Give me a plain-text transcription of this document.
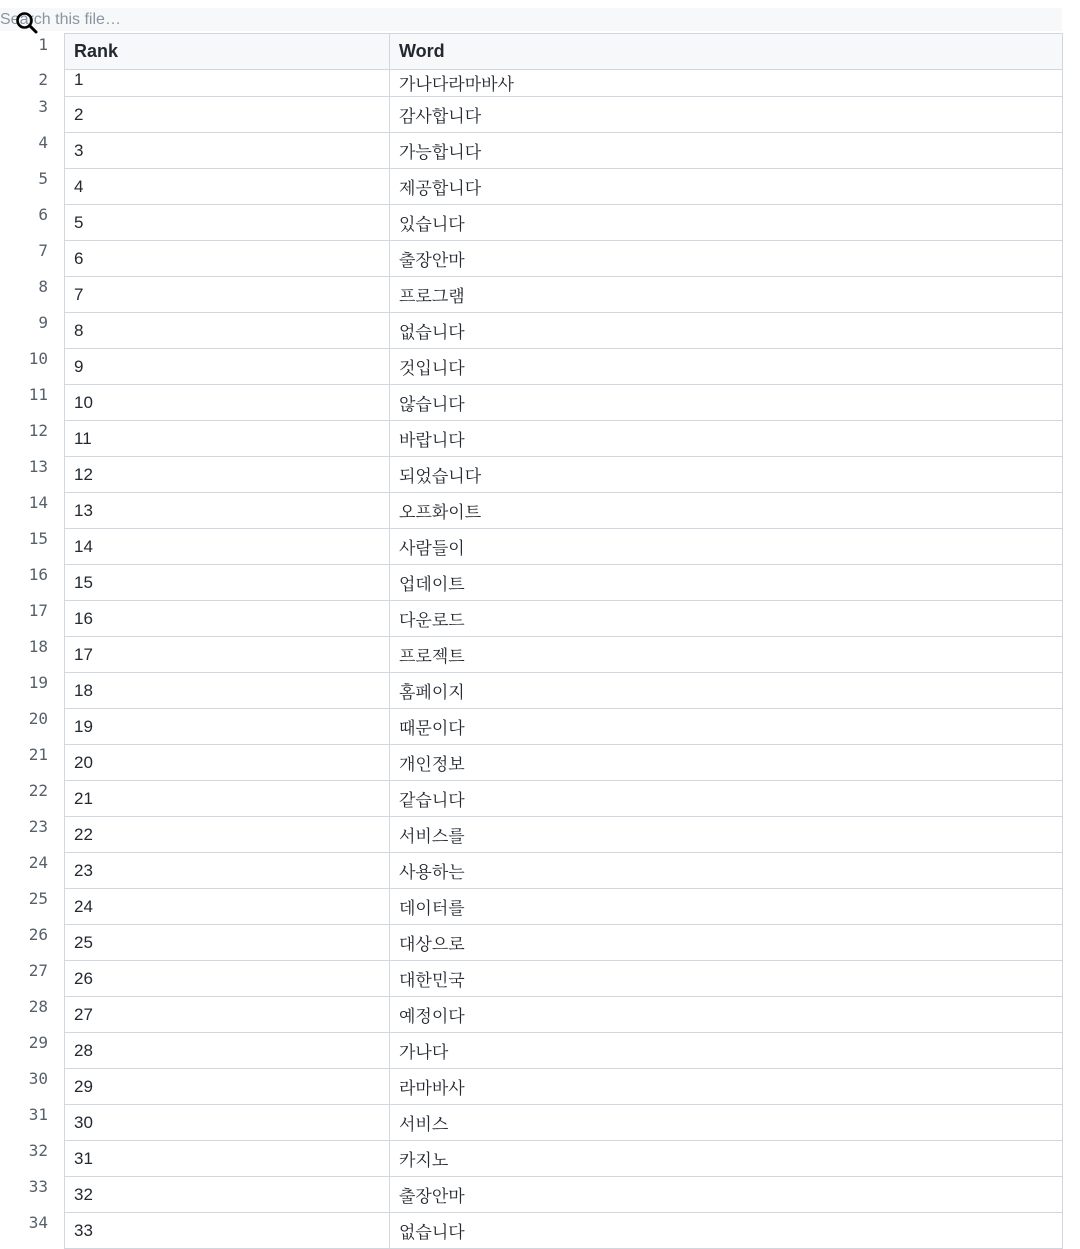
Search this file…
1
2
3
4
5
6
7
8
9
10
11
12
13
14
15
16
17
18
19
20
21
22
23
24
25
26
27
28
29
30
31
32
33
34
Rank	Word
1	가나다라마바사
2	감사합니다
3	가능합니다
4	제공합니다
5	있습니다
6	출장안마
7	프로그램
8	없습니다
9	것입니다
10	않습니다
11	바랍니다
12	되었습니다
13	오프화이트
14	사람들이
15	업데이트
16	다운로드
17	프로젝트
18	홈페이지
19	때문이다
20	개인정보
21	같습니다
22	서비스를
23	사용하는
24	데이터를
25	대상으로
26	대한민국
27	예정이다
28	가나다
29	라마바사
30	서비스
31	카지노
32	출장안마
33	없습니다
